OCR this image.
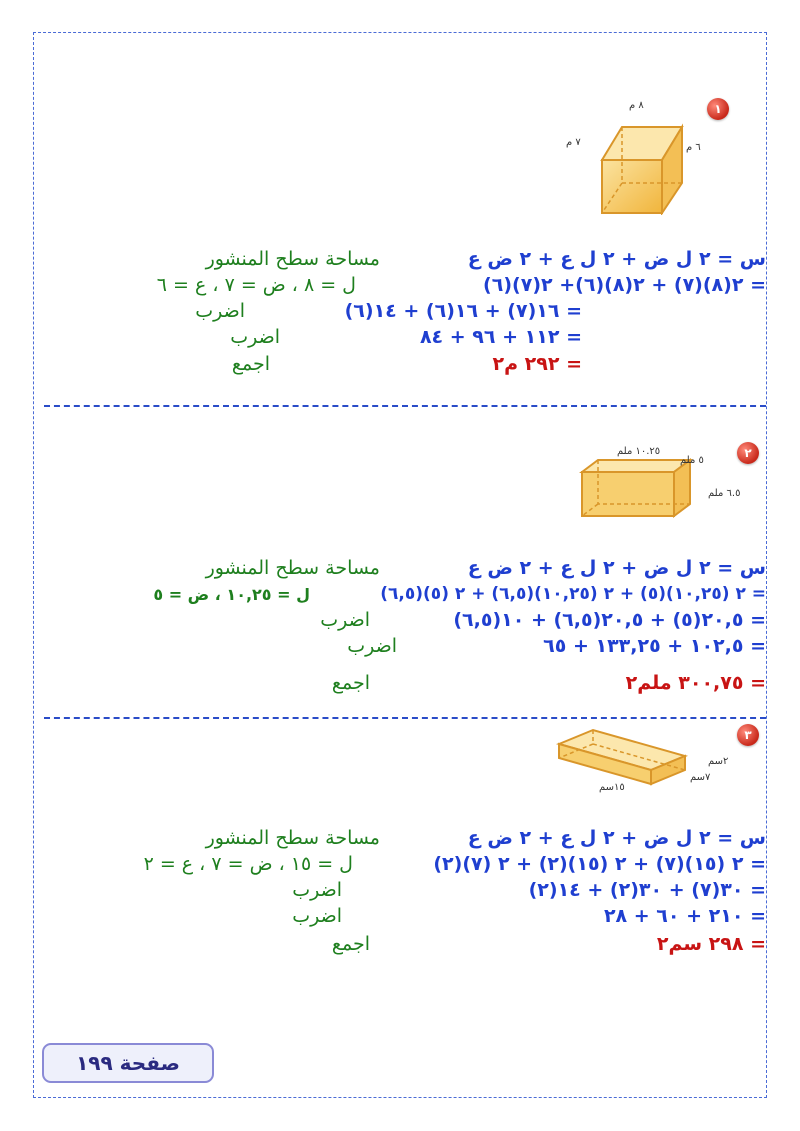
١
٨ م
٧ م	٦ م
س = ٢ ل ض + ٢ ل ع + ٢ ض ع
مساحة سطح المنشور
= ٢(٨)(٧) + ٢(٨)(٦)+ ٢(٧)(٦)
ل = ٨ ، ض = ٧ ، ع = ٦
= ١٦(٧) + ١٦(٦) + ١٤(٦)
اضرب
= ١١٢ + ٩٦ + ٨٤
اضرب
= ٢٩٢ م٢
اجمع
٢
١٠.٢٥ ملم
٥ ملم
٦.٥ ملم
س = ٢ ل ض + ٢ ل ع + ٢ ض ع
مساحة سطح المنشور
= ٢ (١٠,٢٥)(٥) + ٢ (١٠,٢٥)(٦,٥) + ٢ (٥)(٦,٥)
ل = ١٠,٢٥ ، ض = ٥
= ٢٠,٥(٥) + ٢٠,٥(٦,٥) + ١٠(٦,٥)
اضرب
= ١٠٢,٥ + ١٣٣,٢٥ + ٦٥
اضرب
= ٣٠٠,٧٥ ملم٢
اجمع
٣
٢سم
٧سم
١٥سم
س = ٢ ل ض + ٢ ل ع + ٢ ض ع
مساحة سطح المنشور
= ٢ (١٥)(٧) + ٢ (١٥)(٢) + ٢ (٧)(٢)
ل = ١٥ ، ض = ٧ ، ع = ٢
= ٣٠(٧) + ٣٠(٢) + ١٤(٢)
اضرب
= ٢١٠ + ٦٠ + ٢٨
اضرب
= ٢٩٨ سم٢
اجمع
صفحة ١٩٩
